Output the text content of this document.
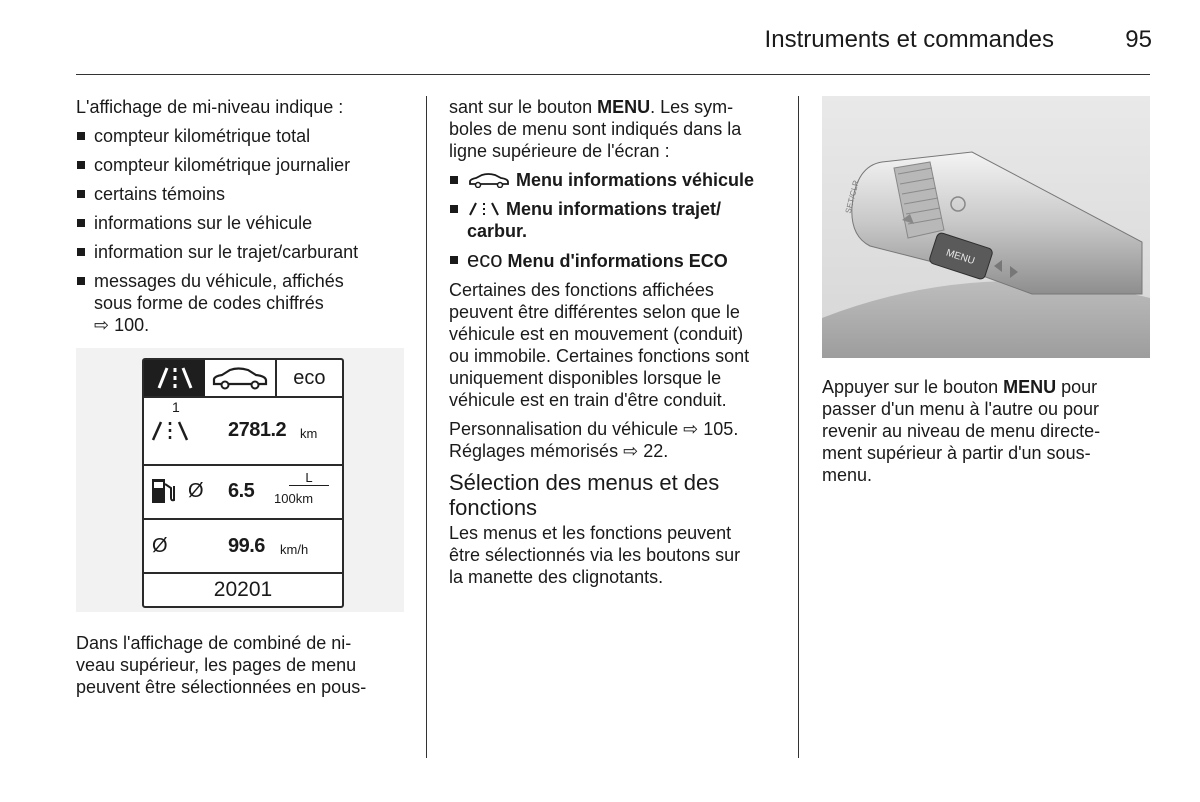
Instruments et commandes	95

L'affichage de mi-niveau indique :

compteur kilométrique total
compteur kilométrique journalier
certains témoins
informations sur le véhicule
information sur le trajet/carburant
messages du véhicule, affichés
sous forme de codes chiffrés
⇨ 100.
eco
1
2781.2 km
Ø 6.5
L
100km
Ø	99.6 km/h
20201
Dans l'affichage de combiné de ni-
veau supérieur, les pages de menu
peuvent être sélectionnées en pous-

sant sur le bouton MENU. Les sym-
boles de menu sont indiqués dans la
ligne supérieure de l'écran :

Menu informations véhicule
Menu informations trajet/
carbur.
eco Menu d'informations ECO

Certaines des fonctions affichées
peuvent être différentes selon que le
véhicule est en mouvement (conduit)
ou immobile. Certaines fonctions sont
uniquement disponibles lorsque le
véhicule est en train d'être conduit.

Personnalisation du véhicule ⇨ 105.
Réglages mémorisés ⇨ 22.

Sélection des menus et des
fonctions

Les menus et les fonctions peuvent
être sélectionnés via les boutons sur
la manette des clignotants.

MENU
SET/CLR
Appuyer sur le bouton MENU pour
passer d'un menu à l'autre ou pour
revenir au niveau de menu directe-
ment supérieur à partir d'un sous-
menu.
